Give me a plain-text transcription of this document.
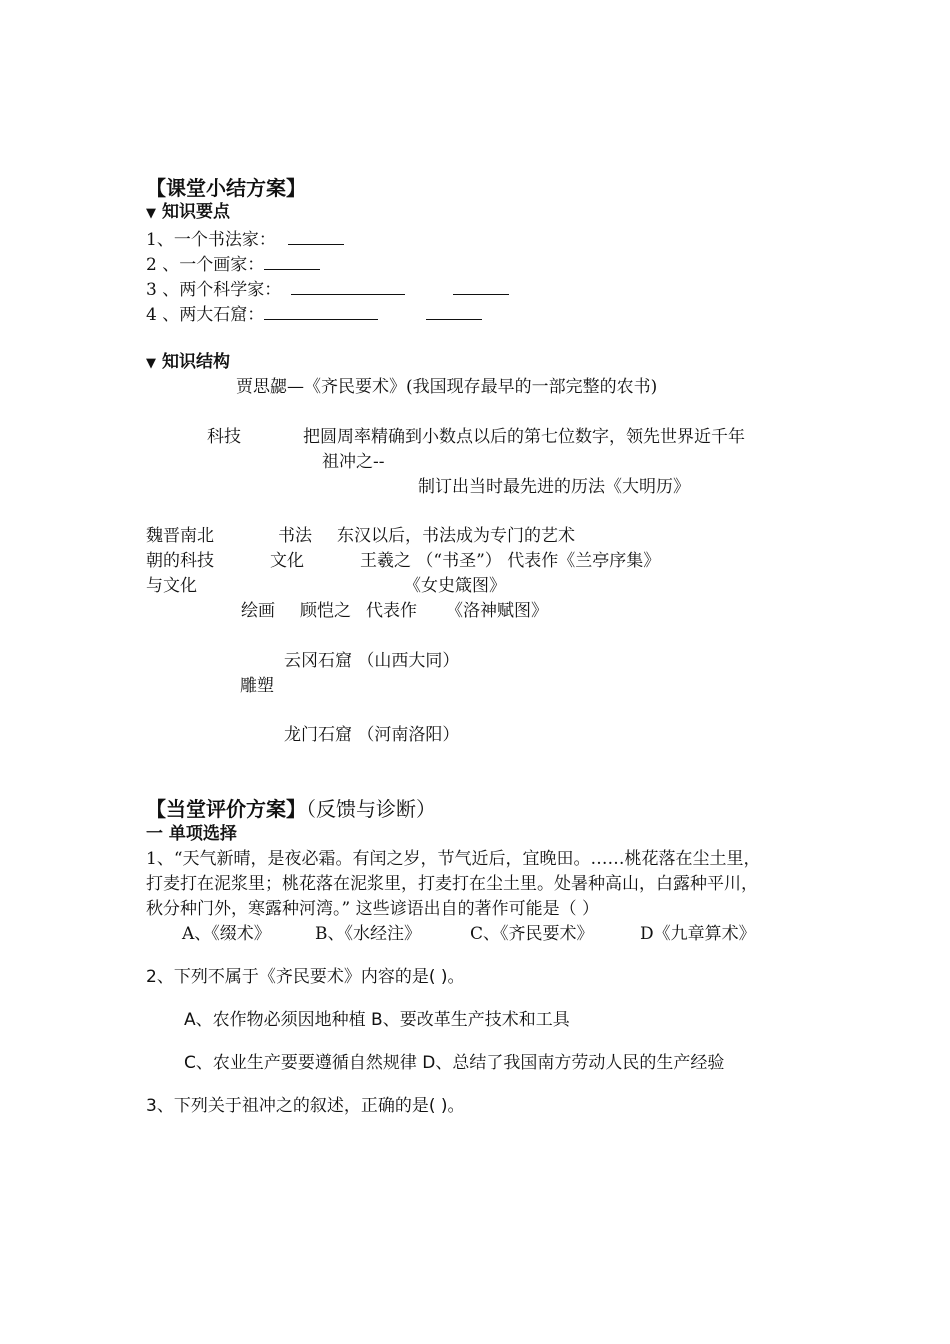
【课堂小结方案】
▼ 知识要点
1、一个书法家：
2 、一个画家：
3 、两个科学家：
4 、两大石窟：
▼ 知识结构
贾思勰—《齐民要术》(我国现存最早的一部完整的农书)
科技	把圆周率精确到小数点以后的第七位数字，领先世界近千年
祖冲之--
制订出当时最先进的历法《大明历》
魏晋南北	书法 东汉以后，书法成为专门的艺术
朝的科技	文化	王羲之 （“书圣”） 代表作《兰亭序集》
与文化	《女史箴图》
绘画 顾恺之 代表作 《洛神赋图》
云冈石窟 （山西大同）
雕塑
龙门石窟 （河南洛阳）
【当堂评价方案】（反馈与诊断）
一 单项选择
1、“天气新晴，是夜必霜。有闰之岁，节气近后，宜晚田。……桃花落在尘土里，
打麦打在泥浆里；桃花落在泥浆里，打麦打在尘土里。处暑种高山，白露种平川，
秋分种门外，寒露种河湾。” 这些谚语出自的著作可能是（ ）
A、《缀术》	B、《水经注》	C、《齐民要术》	D《九章算术》
2、下列不属于《齐民要术》内容的是( )。
A、农作物必须因地种植 B、要改革生产技术和工具
C、农业生产要要遵循自然规律 D、总结了我国南方劳动人民的生产经验
3、下列关于祖冲之的叙述，正确的是( )。
